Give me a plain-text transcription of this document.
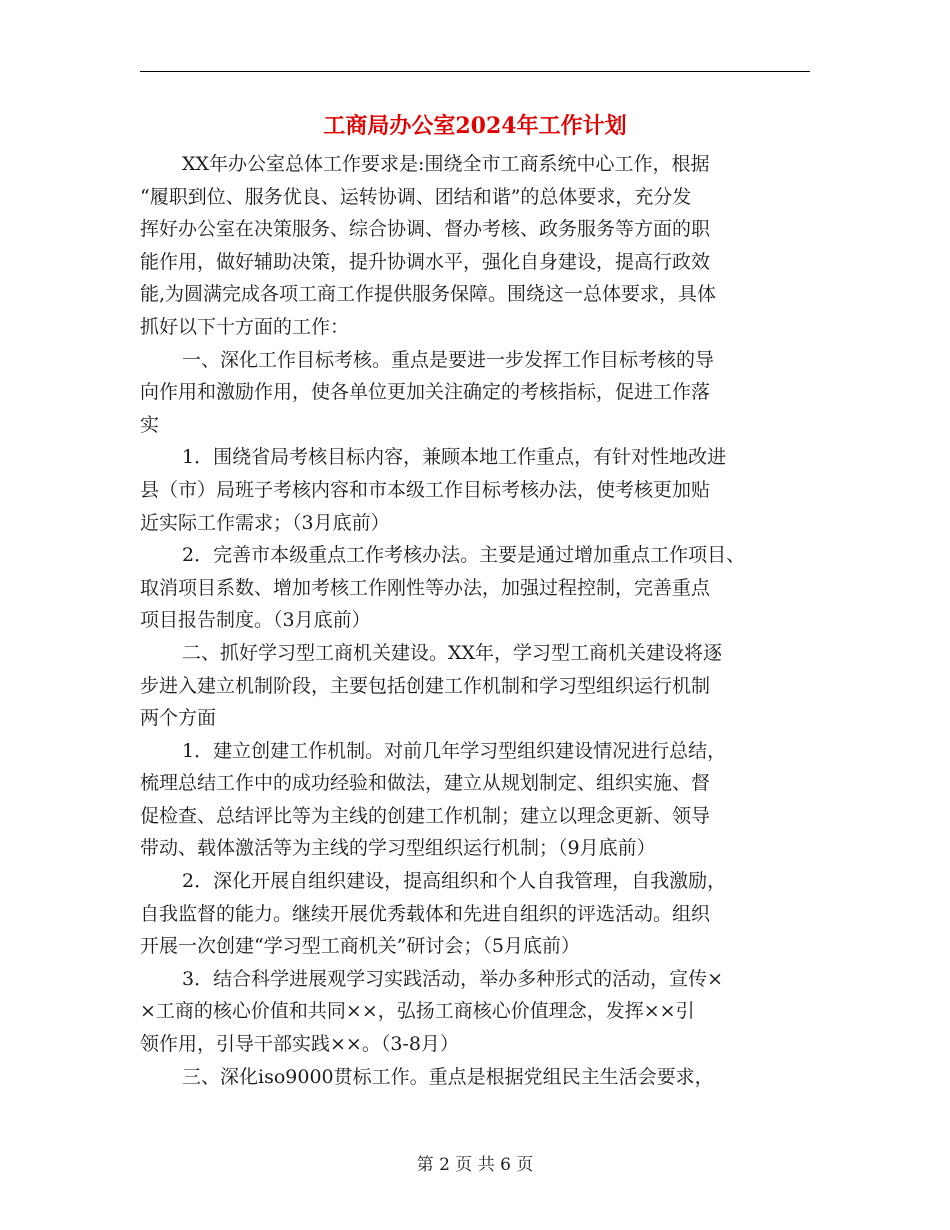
工商局办公室2024年工作计划

XX年办公室总体工作要求是:围绕全市工商系统中心工作，根据
“履职到位、服务优良、运转协调、团结和谐”的总体要求，充分发
挥好办公室在决策服务、综合协调、督办考核、政务服务等方面的职
能作用，做好辅助决策，提升协调水平，强化自身建设，提高行政效
能,为圆满完成各项工商工作提供服务保障。围绕这一总体要求，具体
抓好以下十方面的工作：

一、深化工作目标考核。重点是要进一步发挥工作目标考核的导
向作用和激励作用，使各单位更加关注确定的考核指标，促进工作落
实

1．围绕省局考核目标内容，兼顾本地工作重点，有针对性地改进
县（市）局班子考核内容和市本级工作目标考核办法，使考核更加贴
近实际工作需求；（3月底前）

2．完善市本级重点工作考核办法。主要是通过增加重点工作项目、
取消项目系数、增加考核工作刚性等办法，加强过程控制，完善重点
项目报告制度。（3月底前）

二、抓好学习型工商机关建设。XX年，学习型工商机关建设将逐
步进入建立机制阶段，主要包括创建工作机制和学习型组织运行机制
两个方面

1．建立创建工作机制。对前几年学习型组织建设情况进行总结，
梳理总结工作中的成功经验和做法，建立从规划制定、组织实施、督
促检查、总结评比等为主线的创建工作机制；建立以理念更新、领导
带动、载体激活等为主线的学习型组织运行机制；（9月底前）

2．深化开展自组织建设，提高组织和个人自我管理，自我激励，
自我监督的能力。继续开展优秀载体和先进自组织的评选活动。组织
开展一次创建“学习型工商机关”研讨会；（5月底前）

3．结合科学进展观学习实践活动，举办多种形式的活动，宣传×
×工商的核心价值和共同××，弘扬工商核心价值理念，发挥××引
领作用，引导干部实践××。（3-8月）

三、深化iso9000贯标工作。重点是根据党组民主生活会要求，

第 2 页 共 6 页
